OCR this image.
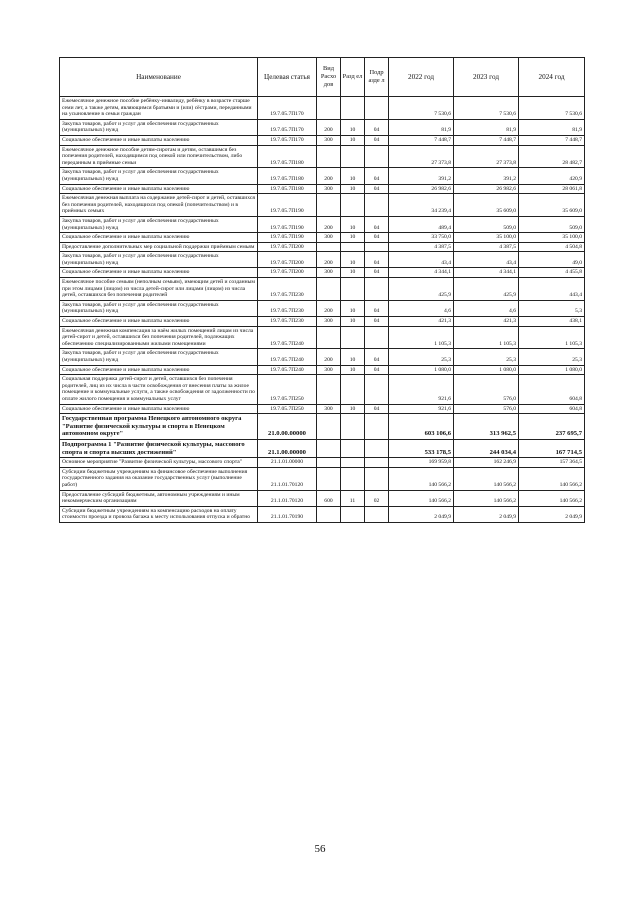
Наименование	Целевая статья	Вид Расхо дов	Разд ел	Подр азде л	2022 год	2023 год	2024 год
Ежемесячное денежное пособие ребёнку-инвалиду, ребёнку в возрасте старше семи лет, а также детям, являющимся братьями и (или) сёстрами, переданными на усыновление в семьи граждан	19.7.05.7П170				7 530,6	7 530,6	7 530,6
Закупка товаров, работ и услуг для обеспечения государственных (муниципальных) нужд	19.7.05.7П170	200	10	04	81,9	81,9	81,9
Социальное обеспечение и иные выплаты населению	19.7.05.7П170	300	10	04	7 448,7	7 448,7	7 448,7
Ежемесячное денежное пособие детям-сиротам и детям, оставшимся без попечения родителей, находящимся под опекой или попечительством, либо переданным в приёмные семьи	19.7.05.7П180				27 373,8	27 373,8	28 482,7
Закупка товаров, работ и услуг для обеспечения государственных (муниципальных) нужд	19.7.05.7П180	200	10	04	391,2	391,2	420,9
Социальное обеспечение и иные выплаты населению	19.7.05.7П180	300	10	04	26 982,6	26 982,6	28 061,8
Ежемесячная денежная выплата на содержание детей-сирот и детей, оставшихся без попечения родителей, находящихся под опекой (попечительством) и в приёмных семьях	19.7.05.7П190				34 239,4	35 609,0	35 609,0
Закупка товаров, работ и услуг для обеспечения государственных (муниципальных) нужд	19.7.05.7П190	200	10	04	489,4	509,0	509,0
Социальное обеспечение и иные выплаты населению	19.7.05.7П190	300	10	04	33 750,0	35 100,0	35 100,0
Предоставление дополнительных мер социальной поддержки приёмным семьям	19.7.05.7П200				4 387,5	4 387,5	4 504,8
Закупка товаров, работ и услуг для обеспечения государственных (муниципальных) нужд	19.7.05.7П200	200	10	04	43,4	43,4	49,0
Социальное обеспечение и иные выплаты населению	19.7.05.7П200	300	10	04	4 344,1	4 344,1	4 455,8
Ежемесячное пособие семьям (неполным семьям), имеющим детей и созданным при этом лицами (лицом) из числа детей-сирот или лицами (лицом) из числа детей, оставшихся без попечения родителей	19.7.05.7П230				425,9	425,9	443,4
Закупка товаров, работ и услуг для обеспечения государственных (муниципальных) нужд	19.7.05.7П230	200	10	04	4,6	4,6	5,3
Социальное обеспечение и иные выплаты населению	19.7.05.7П230	300	10	04	421,3	421,3	438,1
Ежемесячная денежная компенсация за наём жилых помещений лицам из числа детей-сирот и детей, оставшихся без попечения родителей, подлежащих обеспечению специализированными жилыми помещениями	19.7.05.7П240				1 105,3	1 105,3	1 105,3
Закупка товаров, работ и услуг для обеспечения государственных (муниципальных) нужд	19.7.05.7П240	200	10	04	25,3	25,3	25,3
Социальное обеспечение и иные выплаты населению	19.7.05.7П240	300	10	04	1 080,0	1 080,0	1 080,0
Социальная поддержка детей-сирот и детей, оставшихся без попечения родителей, лиц из их числа в части освобождения от внесения платы за жилое помещение и коммунальные услуги, а также освобождения от задолженности по оплате жилого помещения и коммунальных услуг	19.7.05.7П250				921,6	576,0	604,8
Социальное обеспечение и иные выплаты населению	19.7.05.7П250	300	10	04	921,6	576,0	604,8
Государственная программа Ненецкого автономного округа "Развитие физической культуры и спорта в Ненецком автономном округе"	21.0.00.00000				603 106,6	313 962,5	237 695,7
Подпрограмма 1 "Развитие физической культуры, массового спорта и спорта высших достижений"	21.1.00.00000				533 178,5	244 034,4	167 714,5
Основное мероприятие "Развитие физической культуры, массового спорта"	21.1.01.00000				169 959,8	162 246,9	157 364,5
Субсидии бюджетным учреждениям на финансовое обеспечение выполнения государственного задания на оказание государственных услуг (выполнение работ)	21.1.01.70120				140 566,2	140 566,2	140 566,2
Предоставление субсидий бюджетным, автономным учреждениям и иным некоммерческим организациям	21.1.01.70120	600	11	02	140 566,2	140 566,2	140 566,2
Субсидии бюджетным учреждениям на компенсацию расходов на оплату стоимости проезда и провоза багажа к месту использования отпуска и обратно	21.1.01.70190				2 049,9	2 049,9	2 049,9
56
